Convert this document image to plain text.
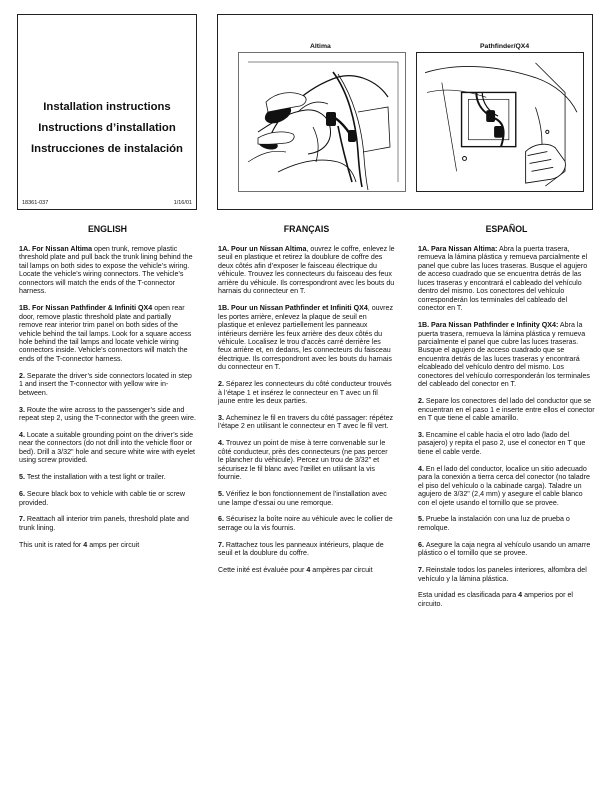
Installation instructions
Instructions d’installation
Instrucciones de instalación
18361-037	1/16/01
Altima	Pathfinder/QX4
ENGLISH

1A. For Nissan Altima open trunk, remove plastic threshold plate and pull back the trunk lining behind the tail lamps on both sides to expose the vehicle’s wiring. Locate the vehicle’s wiring connectors. The vehicle’s connectors will match the ends of the T-connector harness.

1B. For Nissan Pathfinder & Infiniti QX4 open rear door, remove plastic threshold plate and partially remove rear interior trim panel on both sides of the vehicle behind the tail lamps. Look for a square access hole behind the tail lamps and locate vehicle wiring connectors inside. Vehicle’s connectors will match the ends of the T-connector harness.

2. Separate the driver’s side connectors located in step 1 and insert the T-connector with yellow wire in-between.

3. Route the wire across to the passenger’s side and repeat step 2, using the T-connector with the green wire.

4. Locate a suitable grounding point on the driver’s side near the connectors (do not drill into the vehicle floor or bed). Drill a 3/32" hole and secure white wire with eyelet using screw provided.

5. Test the installation with a test light or trailer.

6. Secure black box to vehicle with cable tie or screw provided.

7. Reattach all interior trim panels, threshold plate and trunk lining.

This unit is rated for 4 amps per circuit

FRANÇAIS

1A. Pour un Nissan Altima, ouvrez le coffre, enlevez le seuil en plastique et retirez la doublure de coffre des deux côtés afin d’exposer le faisceau électrique du véhicule. Trouvez les connecteurs du faisceau des feux arrière du véhicule. Ils correspondront avec les bouts du harnais du connecteur en T.

1B. Pour un Nissan Pathfinder et Infiniti QX4, ouvrez les portes arrière, enlevez la plaque de seuil en plastique et enlevez partiellement les panneaux intérieurs derrière les feux arrière des deux côtés du véhicule. Localisez le trou d’accès carré derrière les feux arrière et, en dedans, les connecteurs du faisceau électrique. Ils correspondront avec les bouts du harnais du connecteur en T.

2. Séparez les connecteurs du côté conducteur trouvés à l’étape 1 et insérez le connecteur en T avec un fil jaune entre les deux parties.

3. Acheminez le fil en travers du côté passager: répétez l’étape 2 en utilisant le connecteur en T avec le fil vert.

4. Trouvez un point de mise à terre convenable sur le côté conducteur, près des connecteurs (ne pas percer le plancher du véhicule). Percez un trou de 3/32" et sécurisez le fil blanc avec l’œillet en utilisant la vis fournie.

5. Vérifiez le bon fonctionnement de l’installation avec une lampe d’essai ou une remorque.

6. Sécurisez la boîte noire au véhicule avec le collier de serrage ou la vis fournis.

7. Rattachez tous les panneaux intérieurs, plaque de seuil et la doublure du coffre.

Cette inité est évaluée pour 4 ampères par circuit

ESPAÑOL

1A. Para Nissan Altima: Abra la puerta trasera, remueva la lámina plástica y remueva parcialmente el panel que cubre las luces traseras. Busque el agujero de acceso cuadrado que se encuentra detrás de las luces traseras y encontrará el cableado del vehículo dentro del mismo. Los conectores del vehículo corresponderán los terminales del cableado del conector en T.

1B. Para Nissan Pathfinder e Infinity QX4: Abra la puerta trasera, remueva la lámina plástica y remueva parcialmente el panel que cubre las luces traseras. Busque el agujero de acceso cuadrado que se encuentra detrás de las luces traseras y encontrará elcableado del vehículo dentro del mismo. Los conectores del vehículo corresponderán los terminales del cableado del conector en T.

2. Separe los conectores del lado del conductor que se encuentran en el paso 1 e inserte entre ellos el conector en T que tiene el cable amarillo.

3. Encamine el cable hacia el otro lado (lado del pasajero) y repita el paso 2, use el conector en T que tiene el cable verde.

4. En el lado del conductor, localice un sitio adecuado para la conexión a tierra cerca del conector (no taladre el piso del vehículo o la cabinade carga). Taladre un agujero de 3/32" (2,4 mm) y asegure el cable blanco con el ojete usando el tornillo que se provee.

5. Pruebe la instalación con una luz de prueba o remolque.

6. Asegure la caja negra al vehículo usando un amarre plástico o el tornillo que se provee.

7. Reinstale todos los paneles interiores, alfombra del vehículo y la lámina plástica.

Esta unidad es clasificada para 4 amperios por el circuito.
